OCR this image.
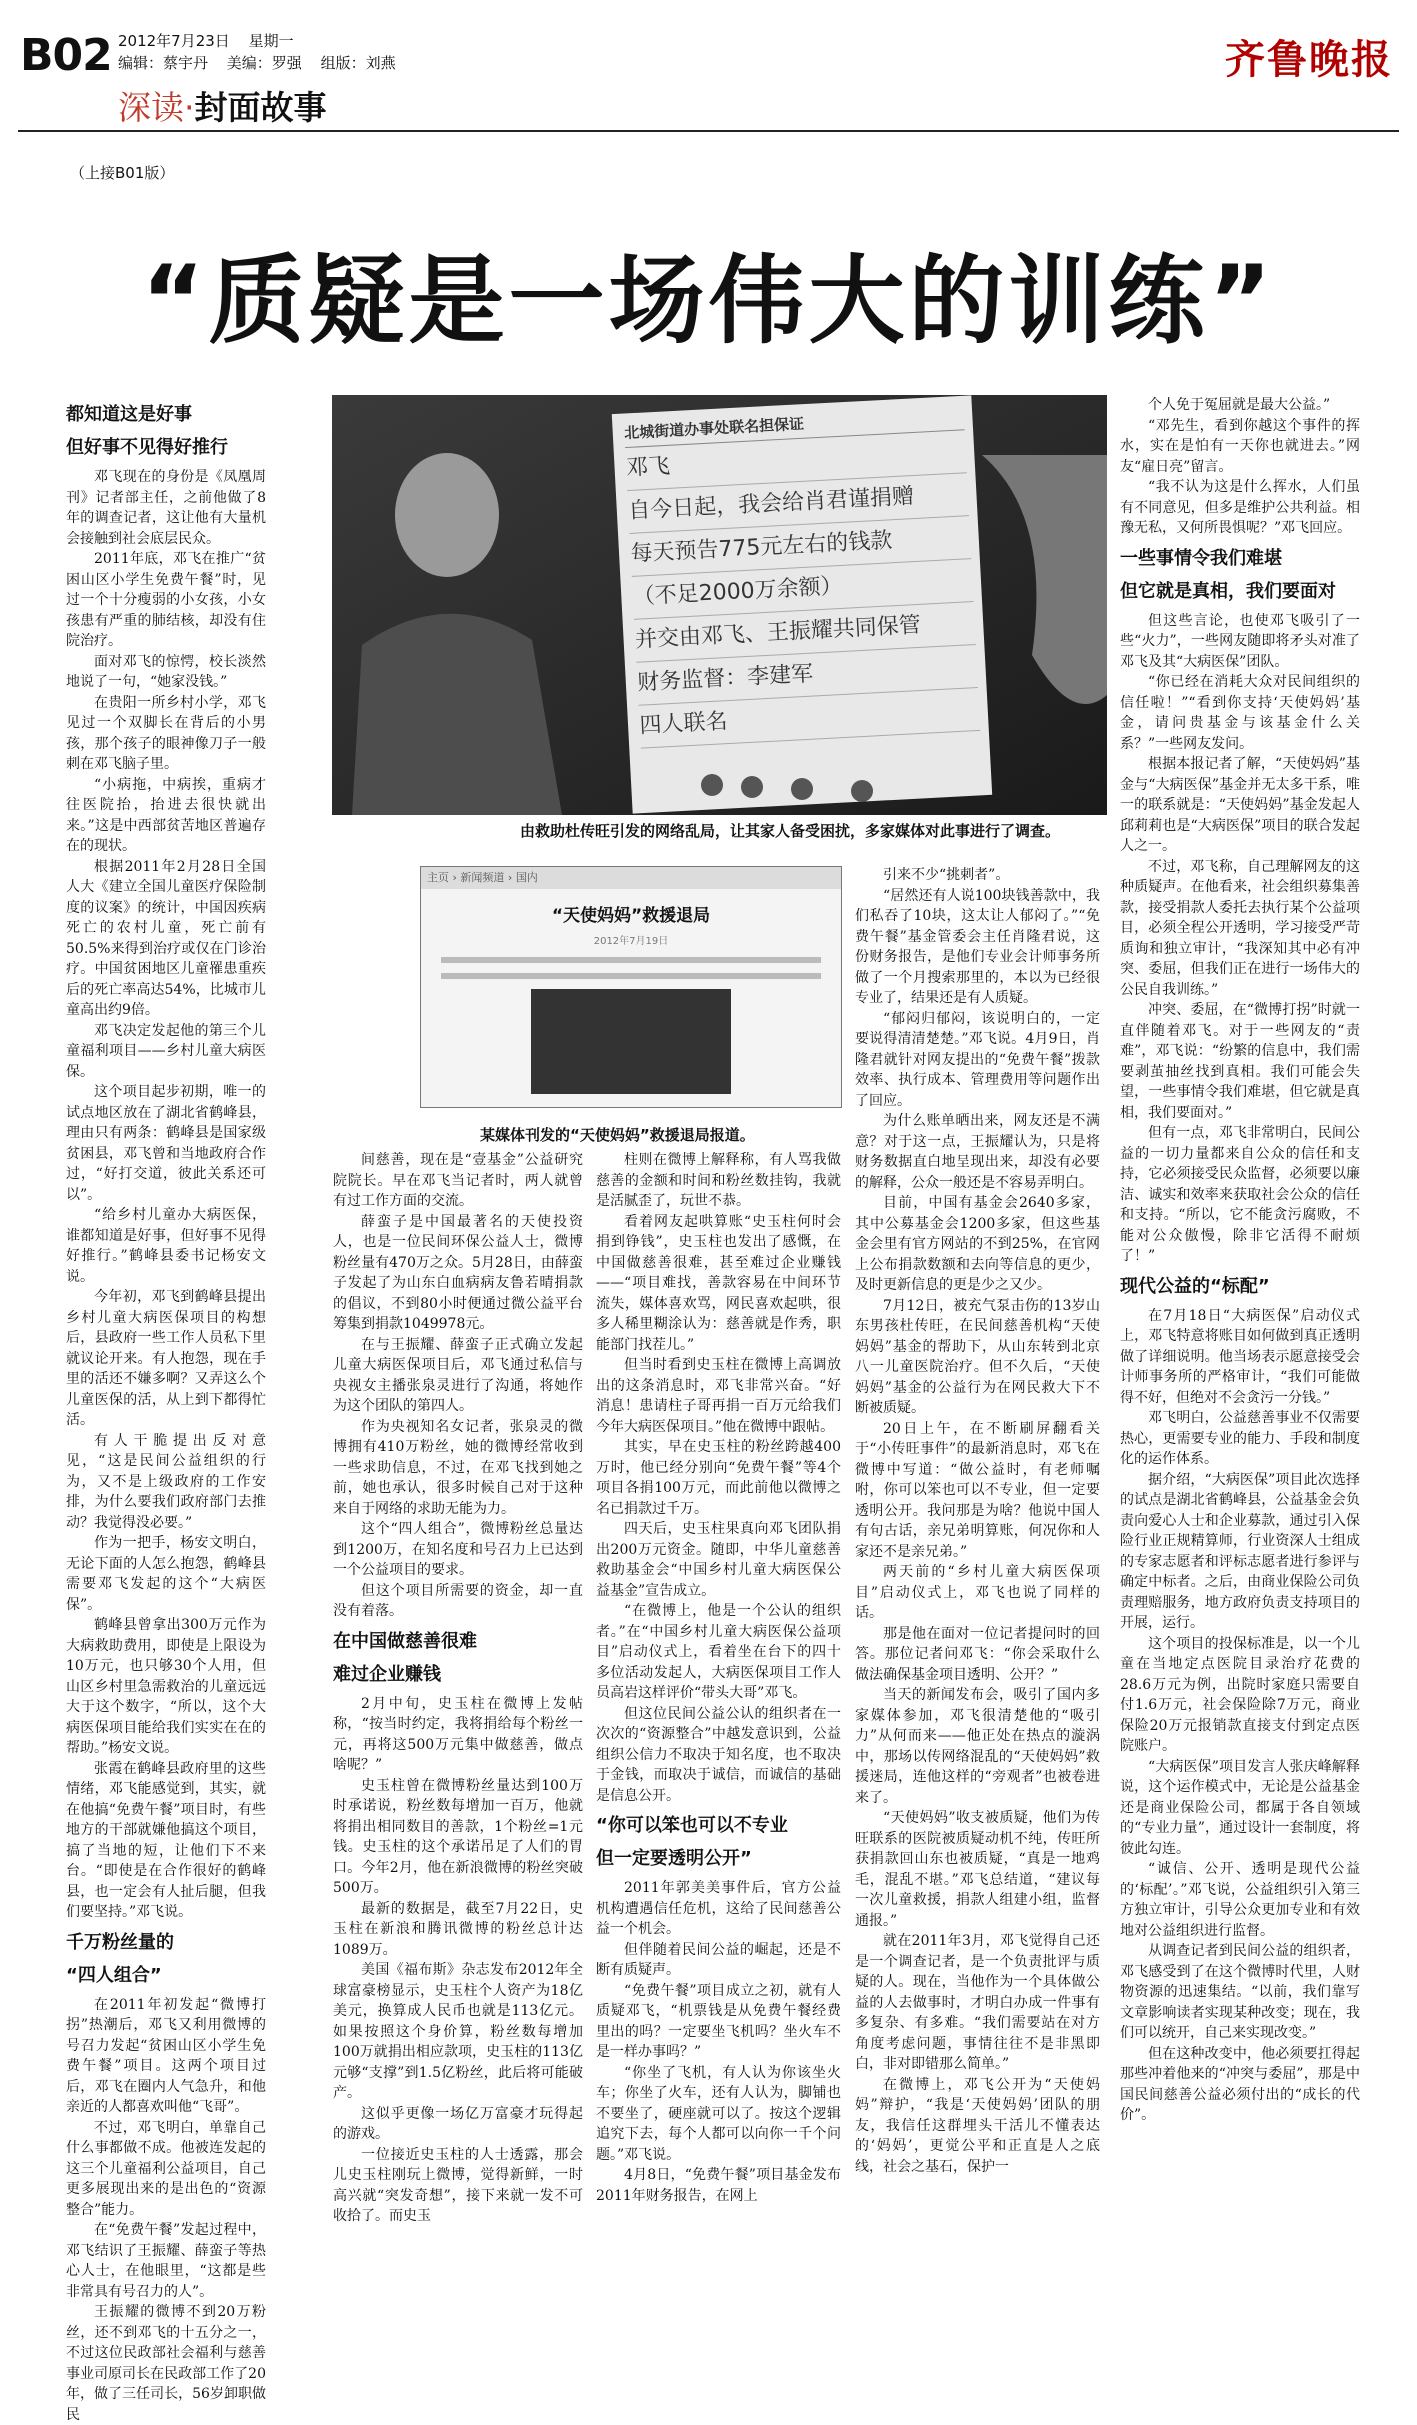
B02 2012年7月23日 星期一
编辑：蔡宇丹 美编：罗强 组版：刘燕	齐鲁晚报
深读·封面故事
（上接B01版）
“质疑是一场伟大的训练”
北城街道办事处联名担保证
邓飞
自今日起，我会给肖君谨捐赠
每天预告775元左右的钱款
（不足2000万余额）
并交由邓飞、王振耀共同保管
财务监督：李建军
四人联名
由救助杜传旺引发的网络乱局，让其家人备受困扰，多家媒体对此事进行了调查。
主页 › 新闻频道 › 国内
“天使妈妈”救援退局
2012年7月19日
某媒体刊发的“天使妈妈”救援退局报道。
都知道这是好事
但好事不见得好推行

邓飞现在的身份是《凤凰周刊》记者部主任，之前他做了8年的调查记者，这让他有大量机会接触到社会底层民众。

2011年底，邓飞在推广“贫困山区小学生免费午餐”时，见过一个十分瘦弱的小女孩，小女孩患有严重的肺结核，却没有住院治疗。

面对邓飞的惊愕，校长淡然地说了一句，“她家没钱。”

在贵阳一所乡村小学，邓飞见过一个双脚长在背后的小男孩，那个孩子的眼神像刀子一般刺在邓飞脑子里。

“小病拖，中病挨，重病才往医院抬，抬进去很快就出来。”这是中西部贫苦地区普遍存在的现状。

根据2011年2月28日全国人大《建立全国儿童医疗保险制度的议案》的统计，中国因疾病死亡的农村儿童，死亡前有50.5%来得到治疗或仅在门诊治疗。中国贫困地区儿童罹患重疾后的死亡率高达54%，比城市儿童高出约9倍。

邓飞决定发起他的第三个儿童福利项目——乡村儿童大病医保。

这个项目起步初期，唯一的试点地区放在了湖北省鹤峰县，理由只有两条：鹤峰县是国家级贫困县，邓飞曾和当地政府合作过，“好打交道，彼此关系还可以”。

“给乡村儿童办大病医保，谁都知道是好事，但好事不见得好推行。”鹤峰县委书记杨安文说。

今年初，邓飞到鹤峰县提出乡村儿童大病医保项目的构想后，县政府一些工作人员私下里就议论开来。有人抱怨，现在手里的活还不嫌多啊？又弄这么个儿童医保的活，从上到下都得忙活。

有人干脆提出反对意见，“这是民间公益组织的行为，又不是上级政府的工作安排，为什么要我们政府部门去推动？我觉得没必要。”

作为一把手，杨安文明白，无论下面的人怎么抱怨，鹤峰县需要邓飞发起的这个“大病医保”。

鹤峰县曾拿出300万元作为大病救助费用，即使是上限设为10万元，也只够30个人用，但山区乡村里急需救治的儿童远远大于这个数字，“所以，这个大病医保项目能给我们实实在在的帮助。”杨安文说。

张霞在鹤峰县政府里的这些情绪，邓飞能感觉到，其实，就在他搞“免费午餐”项目时，有些地方的干部就嫌他搞这个项目，搞了当地的短，让他们下不来台。“即使是在合作很好的鹤峰县，也一定会有人扯后腿，但我们要坚持。”邓飞说。

千万粉丝量的
“四人组合”

在2011年初发起“微博打拐”热潮后，邓飞又利用微博的号召力发起“贫困山区小学生免费午餐”项目。这两个项目过后，邓飞在圈内人气急升，和他亲近的人都喜欢叫他“飞哥”。

不过，邓飞明白，单靠自己什么事都做不成。他被连发起的这三个儿童福利公益项目，自己更多展现出来的是出色的“资源整合”能力。

在“免费午餐”发起过程中，邓飞结识了王振耀、薛蛮子等热心人士，在他眼里，“这都是些非常具有号召力的人”。

王振耀的微博不到20万粉丝，还不到邓飞的十五分之一，不过这位民政部社会福利与慈善事业司原司长在民政部工作了20年，做了三任司长，56岁卸职做民

间慈善，现在是“壹基金”公益研究院院长。早在邓飞当记者时，两人就曾有过工作方面的交流。

薛蛮子是中国最著名的天使投资人，也是一位民间环保公益人士，微博粉丝量有470万之众。5月28日，由薛蛮子发起了为山东白血病病友鲁若晴捐款的倡议，不到80小时便通过微公益平台筹集到捐款1049978元。

在与王振耀、薛蛮子正式确立发起儿童大病医保项目后，邓飞通过私信与央视女主播张泉灵进行了沟通，将她作为这个团队的第四人。

作为央视知名女记者，张泉灵的微博拥有410万粉丝，她的微博经常收到一些求助信息，不过，在邓飞找到她之前，她也承认，很多时候自己对于这种来自于网络的求助无能为力。

这个“四人组合”，微博粉丝总量达到1200万，在知名度和号召力上已达到一个公益项目的要求。

但这个项目所需要的资金，却一直没有着落。

在中国做慈善很难
难过企业赚钱

2月中旬，史玉柱在微博上发帖称，“按当时约定，我将捐给每个粉丝一元，再将这500万元集中做慈善，做点啥呢？”

史玉柱曾在微博粉丝量达到100万时承诺说，粉丝数每增加一百万，他就将捐出相同数目的善款，1个粉丝=1元钱。史玉柱的这个承诺吊足了人们的胃口。今年2月，他在新浪微博的粉丝突破500万。

最新的数据是，截至7月22日，史玉柱在新浪和腾讯微博的粉丝总计达1089万。

美国《福布斯》杂志发布2012年全球富豪榜显示，史玉柱个人资产为18亿美元，换算成人民币也就是113亿元。如果按照这个身价算，粉丝数每增加100万就捐出相应款项，史玉柱的113亿元够“支撑”到1.5亿粉丝，此后将可能破产。

这似乎更像一场亿万富豪才玩得起的游戏。

一位接近史玉柱的人士透露，那会儿史玉柱刚玩上微博，觉得新鲜，一时高兴就“突发奇想”，接下来就一发不可收拾了。而史玉

柱则在微博上解释称，有人骂我做慈善的金额和时间和粉丝数挂钩，我就是活腻歪了，玩世不恭。

看着网友起哄算账“史玉柱何时会捐到铮钱”，史玉柱也发出了感慨，在中国做慈善很难，甚至难过企业赚钱——“项目难找，善款容易在中间环节流失，媒体喜欢骂，网民喜欢起哄，很多人稀里糊涂认为：慈善就是作秀，职能部门找茬儿。”

但当时看到史玉柱在微博上高调放出的这条消息时，邓飞非常兴奋。“好消息！患请柱子哥再捐一百万元给我们今年大病医保项目。”他在微博中跟帖。

其实，早在史玉柱的粉丝跨越400万时，他已经分别向“免费午餐”等4个项目各捐100万元，而此前他以微博之名已捐款过千万。

四天后，史玉柱果真向邓飞团队捐出200万元资金。随即，中华儿童慈善救助基金会“中国乡村儿童大病医保公益基金”宣告成立。

“在微博上，他是一个公认的组织者。”在“中国乡村儿童大病医保公益项目”启动仪式上，看着坐在台下的四十多位活动发起人，大病医保项目工作人员高岩这样评价“带头大哥”邓飞。

但这位民间公益公认的组织者在一次次的“资源整合”中越发意识到，公益组织公信力不取决于知名度，也不取决于金钱，而取决于诚信，而诚信的基础是信息公开。

“你可以笨也可以不专业
但一定要透明公开”

2011年郭美美事件后，官方公益机构遭遇信任危机，这给了民间慈善公益一个机会。

但伴随着民间公益的崛起，还是不断有质疑声。

“免费午餐”项目成立之初，就有人质疑邓飞，“机票钱是从免费午餐经费里出的吗？一定要坐飞机吗？坐火车不是一样办事吗？”

“你坐了飞机，有人认为你该坐火车；你坐了火车，还有人认为，脚铺也不要坐了，硬座就可以了。按这个逻辑追究下去，每个人都可以向你一千个问题。”邓飞说。

4月8日，“免费午餐”项目基金发布2011年财务报告，在网上

引来不少“挑刺者”。

“居然还有人说100块钱善款中，我们私吞了10块，这太让人郁闷了。”“免费午餐”基金管委会主任肖隆君说，这份财务报告，是他们专业会计师事务所做了一个月搜索那里的，本以为已经很专业了，结果还是有人质疑。

“郁闷归郁闷，该说明白的，一定要说得清清楚楚。”邓飞说。4月9日，肖隆君就针对网友提出的“免费午餐”拨款效率、执行成本、管理费用等问题作出了回应。

为什么账单晒出来，网友还是不满意？对于这一点，王振耀认为，只是将财务数据直白地呈现出来，却没有必要的解释，公众一般还是不容易弄明白。

目前，中国有基金会2640多家，其中公募基金会1200多家，但这些基金会里有官方网站的不到25%，在官网上公布捐款数额和去向等信息的更少，及时更新信息的更是少之又少。

7月12日，被充气泵击伤的13岁山东男孩杜传旺，在民间慈善机构“天使妈妈”基金的帮助下，从山东转到北京八一儿童医院治疗。但不久后，“天使妈妈”基金的公益行为在网民救大下不断被质疑。

20日上午，在不断刷屏翻看关于“小传旺事件”的最新消息时，邓飞在微博中写道：“做公益时，有老师嘱咐，你可以笨也可以不专业，但一定要透明公开。我问那是为啥？他说中国人有句古话，亲兄弟明算账，何况你和人家还不是亲兄弟。”

两天前的“乡村儿童大病医保项目”启动仪式上，邓飞也说了同样的话。

那是他在面对一位记者提问时的回答。那位记者问邓飞：“你会采取什么做法确保基金项目透明、公开？”

当天的新闻发布会，吸引了国内多家媒体参加，邓飞很清楚他的“吸引力”从何而来——他正处在热点的漩涡中，那场以传网络混乱的“天使妈妈”救援迷局，连他这样的“旁观者”也被卷进来了。

“天使妈妈”收支被质疑，他们为传旺联系的医院被质疑动机不纯，传旺所获捐款回山东也被质疑，“真是一地鸡毛，混乱不堪。”邓飞总结道，“建议每一次儿童救援，捐款人组建小组，监督通报。”

就在2011年3月，邓飞觉得自己还是一个调查记者，是一个负责批评与质疑的人。现在，当他作为一个具体做公益的人去做事时，才明白办成一件事有多复杂、有多难。“我们需要站在对方角度考虑问题，事情往往不是非黑即白，非对即错那么简单。”

在微博上，邓飞公开为“天使妈妈”辩护，“我是‘天使妈妈’团队的朋友，我信任这群埋头干活儿不懂表达的‘妈妈’，更觉公平和正直是人之底线，社会之基石，保护一

个人免于冤屈就是最大公益。”

“邓先生，看到你越这个事件的挥水，实在是怕有一天你也就进去。”网友“雇日亮”留言。

“我不认为这是什么挥水，人们虽有不同意见，但多是维护公共利益。相豫无私，又何所畏惧呢？”邓飞回应。

一些事情令我们难堪
但它就是真相，我们要面对

但这些言论，也使邓飞吸引了一些“火力”，一些网友随即将矛头对准了邓飞及其“大病医保”团队。

“你已经在消耗大众对民间组织的信任啦！”“看到你支持‘天使妈妈’基金，请问贵基金与该基金什么关系？”一些网友发问。

根据本报记者了解，“天使妈妈”基金与“大病医保”基金并无太多干系，唯一的联系就是：“天使妈妈”基金发起人邱莉莉也是“大病医保”项目的联合发起人之一。

不过，邓飞称，自己理解网友的这种质疑声。在他看来，社会组织募集善款，接受捐款人委托去执行某个公益项目，必须全程公开透明，学习接受严苛质询和独立审计，“我深知其中必有冲突、委屈，但我们正在进行一场伟大的公民自我训练。”

冲突、委屈，在“微博打拐”时就一直伴随着邓飞。对于一些网友的“责难”，邓飞说：“纷繁的信息中，我们需要剥茧抽丝找到真相。我们可能会失望，一些事情令我们难堪，但它就是真相，我们要面对。”

但有一点，邓飞非常明白，民间公益的一切力量都来自公众的信任和支持，它必须接受民众监督，必须要以廉洁、诚实和效率来获取社会公众的信任和支持。“所以，它不能贪污腐败，不能对公众傲慢，除非它活得不耐烦了！”

现代公益的“标配”

在7月18日“大病医保”启动仪式上，邓飞特意将账目如何做到真正透明做了详细说明。他当场表示愿意接受会计师事务所的严格审计，“我们可能做得不好，但绝对不会贪污一分钱。”

邓飞明白，公益慈善事业不仅需要热心，更需要专业的能力、手段和制度化的运作体系。

据介绍，“大病医保”项目此次选择的试点是湖北省鹤峰县，公益基金会负责向爱心人士和企业募款，通过引入保险行业正规精算师，行业资深人士组成的专家志愿者和评标志愿者进行参评与确定中标者。之后，由商业保险公司负责理赔服务，地方政府负责支持项目的开展，运行。

这个项目的投保标准是，以一个儿童在当地定点医院目录治疗花费的28.6万元为例，出院时家庭只需要自付1.6万元，社会保险除7万元，商业保险20万元报销款直接支付到定点医院账户。

“大病医保”项目发言人张庆峰解释说，这个运作模式中，无论是公益基金还是商业保险公司，都属于各自领域的“专业力量”，通过设计一套制度，将彼此勾连。

“诚信、公开、透明是现代公益的‘标配’。”邓飞说，公益组织引入第三方独立审计，引导公众更加专业和有效地对公益组织进行监督。

从调查记者到民间公益的组织者，邓飞感受到了在这个微博时代里，人财物资源的迅速集结。“以前，我们靠写文章影响读者实现某种改变；现在，我们可以统开，自己来实现改变。”

但在这种改变中，他必须要扛得起那些冲着他来的“冲突与委屈”，那是中国民间慈善公益必须付出的“成长的代价”。
